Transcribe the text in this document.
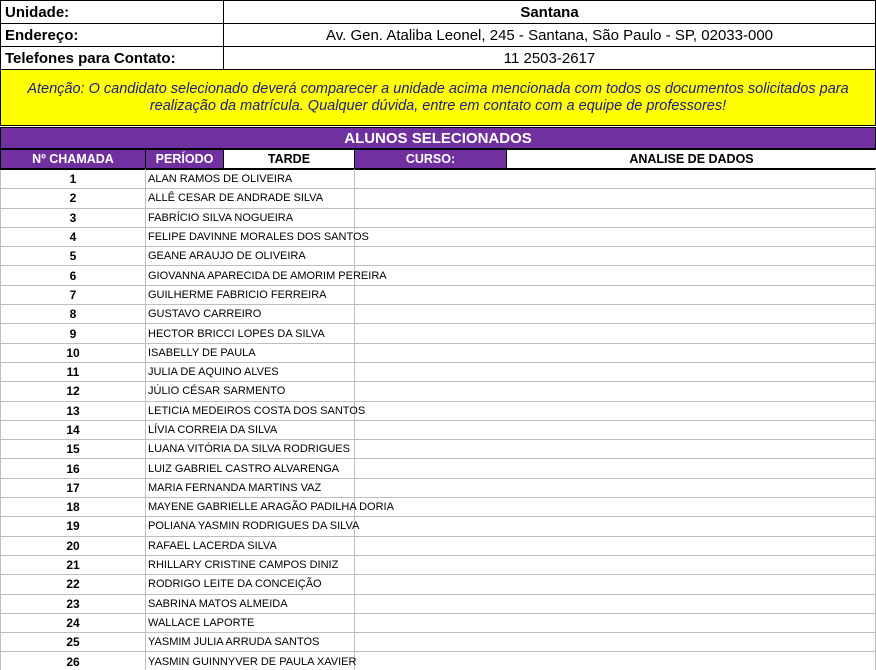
Unidade:	Santana
Endereço:	Av. Gen. Ataliba Leonel, 245 - Santana, São Paulo - SP, 02033-000
Telefones para Contato:	11 2503-2617
Atenção: O candidato selecionado deverá comparecer a unidade acima mencionada com todos os documentos solicitados para realização da matrícula. Qualquer dúvida, entre em contato com a equipe de professores!
ALUNOS SELECIONADOS
Nº CHAMADA	PERÍODO	TARDE	CURSO:	ANALISE DE DADOS
1	ALAN RAMOS DE OLIVEIRA	
2	ALLÊ CESAR DE ANDRADE SILVA	
3	FABRÍCIO SILVA NOGUEIRA	
4	FELIPE DAVINNE MORALES DOS SANTOS	
5	GEANE ARAUJO DE OLIVEIRA	
6	GIOVANNA APARECIDA DE AMORIM PEREIRA	
7	GUILHERME FABRICIO FERREIRA	
8	GUSTAVO CARREIRO	
9	HECTOR BRICCI LOPES DA SILVA	
10	ISABELLY DE PAULA	
11	JULIA DE AQUINO ALVES	
12	JÚLIO CÉSAR SARMENTO	
13	LETICIA MEDEIROS COSTA DOS SANTOS	
14	LÍVIA CORREIA DA SILVA	
15	LUANA VITÓRIA DA SILVA RODRIGUES	
16	LUIZ GABRIEL CASTRO ALVARENGA	
17	MARIA FERNANDA MARTINS VAZ	
18	MAYENE GABRIELLE ARAGÃO PADILHA DORIA	
19	POLIANA YASMIN RODRIGUES DA SILVA	
20	RAFAEL LACERDA SILVA	
21	RHILLARY CRISTINE CAMPOS DINIZ	
22	RODRIGO LEITE DA CONCEIÇÃO	
23	SABRINA MATOS ALMEIDA	
24	WALLACE LAPORTE	
25	YASMIM JULIA ARRUDA SANTOS	
26	YASMIN GUINNYVER DE PAULA XAVIER	
